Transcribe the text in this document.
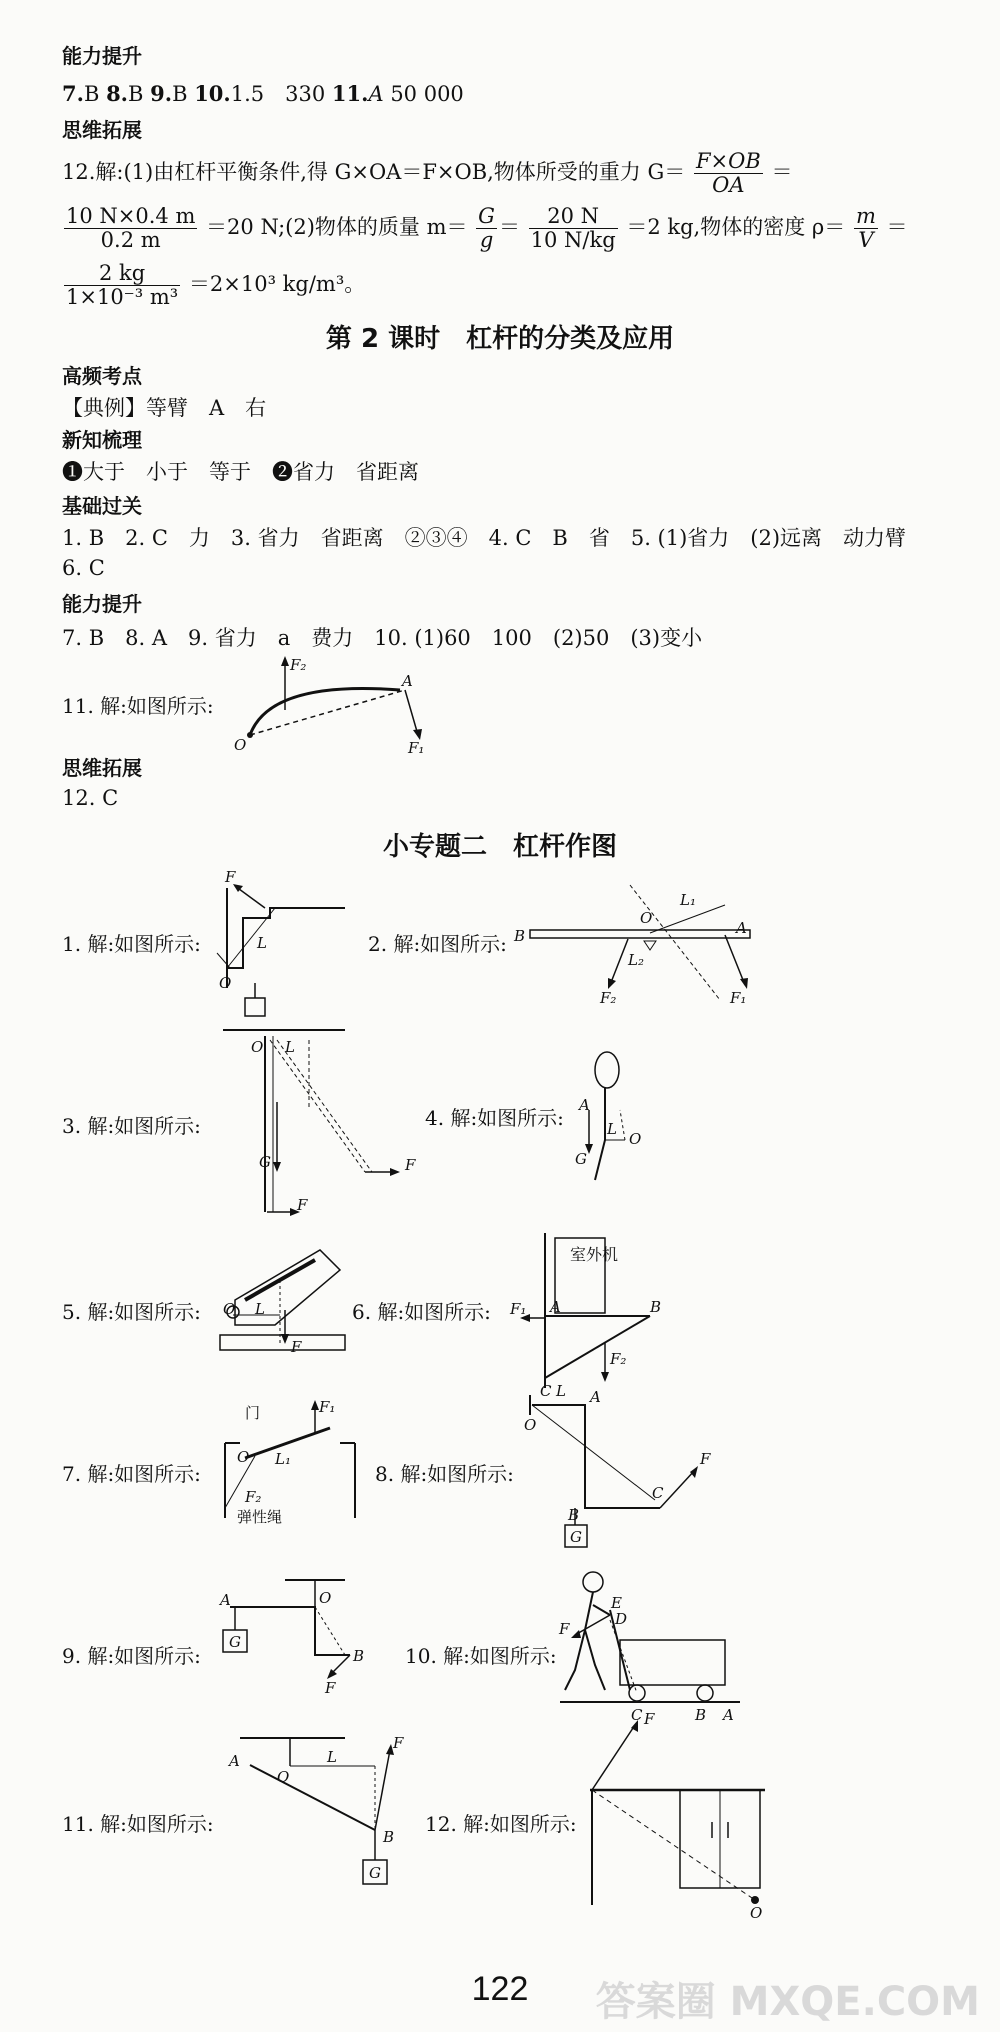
能力提升
7.B 8.B 9.B 10.1.5　330 11.A 50 000
思维拓展
12.解:(1)由杠杆平衡条件,得 G×OA＝F×OB,物体所受的重力 $G= \frac{F\times OB}{OA}$ ＝
$\frac{10 N\times 0.4 m}{0.2 m} =20$ N;(2)物体的质量 $m= \frac{G}{g} = \frac{20 N}{10 N/kg} =2$ kg,物体的密度 $\rho= \frac{m}{V}$ ＝
$\frac{2 kg}{\text{1×10⁻³ m³}} =2\times 10^3$ kg/m³。
第 2 课时　杠杆的分类及应用
高频考点
【典例】等臂　A　右
新知梳理
❶大于　小于　等于　❷省力　省距离
基础过关
1. B　2. C　力　3. 省力　省距离　②③④　4. C　B　省　5. (1)省力　(2)远离　动力臂
6. C
能力提升
7. B　8. A　9. 省力　a　费力　10. (1)60　100　(2)50　(3)变小
11. 解:如图所示:
O
A
F₂
F₁
思维拓展
12. C
小专题二　杠杆作图
1. 解:如图所示:
F
L
O
2. 解:如图所示: B
O
A
L₁
L₂
F₂	F₁
3. 解:如图所示:
O L
G	F
F
4. 解:如图所示:
A
L
O
G
5. 解:如图所示: O L
F
6. 解:如图所示:
室外机
F₁ A	B
F₂
C L
7. 解:如图所示:
门
O L₁
F₁
F₂
弹性绳
8. 解:如图所示:
O
A
F
C
B
G
9. 解:如图所示:
A	O
B
G
F
10. 解:如图所示:
E
D
F
C	B A
11. 解:如图所示:
A
O
L
F
B
G
12. 解:如图所示:
F
O
122	答案圈 MXQE.COM
